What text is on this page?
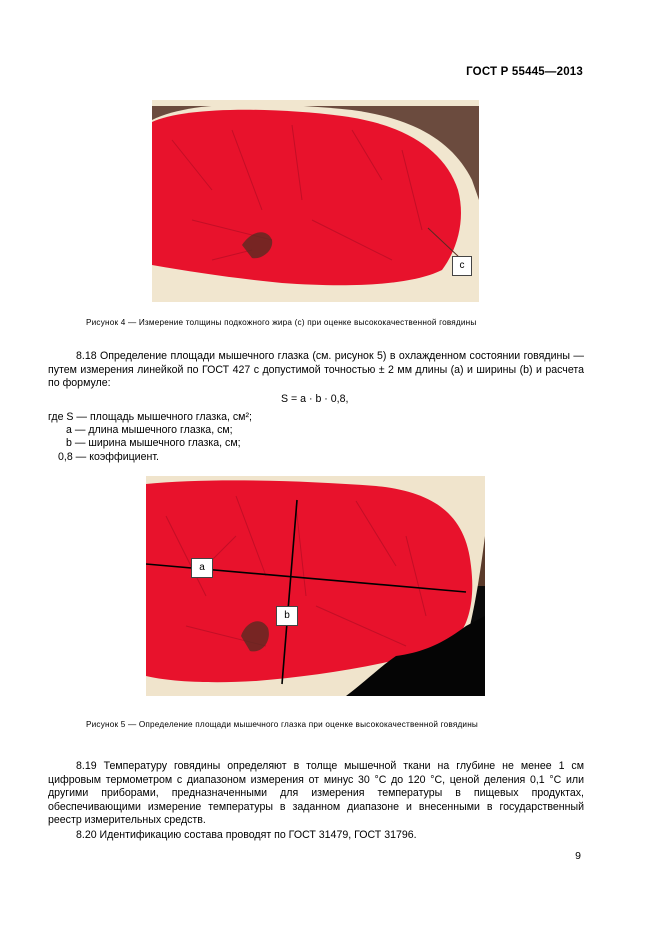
ГОСТ Р 55445—2013
с
Рисунок 4 — Измерение толщины подкожного жира (с) при оценке высококачественной говядины
8.18 Определение площади мышечного глазка (см. рисунок 5) в охлажденном состоянии говядины — путем измерения линейкой по ГОСТ 427 с допустимой точностью ± 2 мм длины (а) и ширины (b) и расчета по формуле:
S = a · b · 0,8,
где S — площадь мышечного глазка, см²;
a — длина мышечного глазка, см;
b — ширина мышечного глазка, см;
0,8 — коэффициент.
a
b
Рисунок 5 — Определение площади мышечного глазка при оценке высококачественной говядины
8.19 Температуру говядины определяют в толще мышечной ткани на глубине не менее 1 см цифровым термометром с диапазоном измерения от минус 30 °С до 120 °С, ценой деления 0,1 °С или другими приборами, предназначенными для измерения температуры в пищевых продуктах, обеспечивающими измерение температуры в заданном диапазоне и внесенными в государственный реестр измерительных средств.
8.20 Идентификацию состава проводят по ГОСТ 31479, ГОСТ 31796.
9
